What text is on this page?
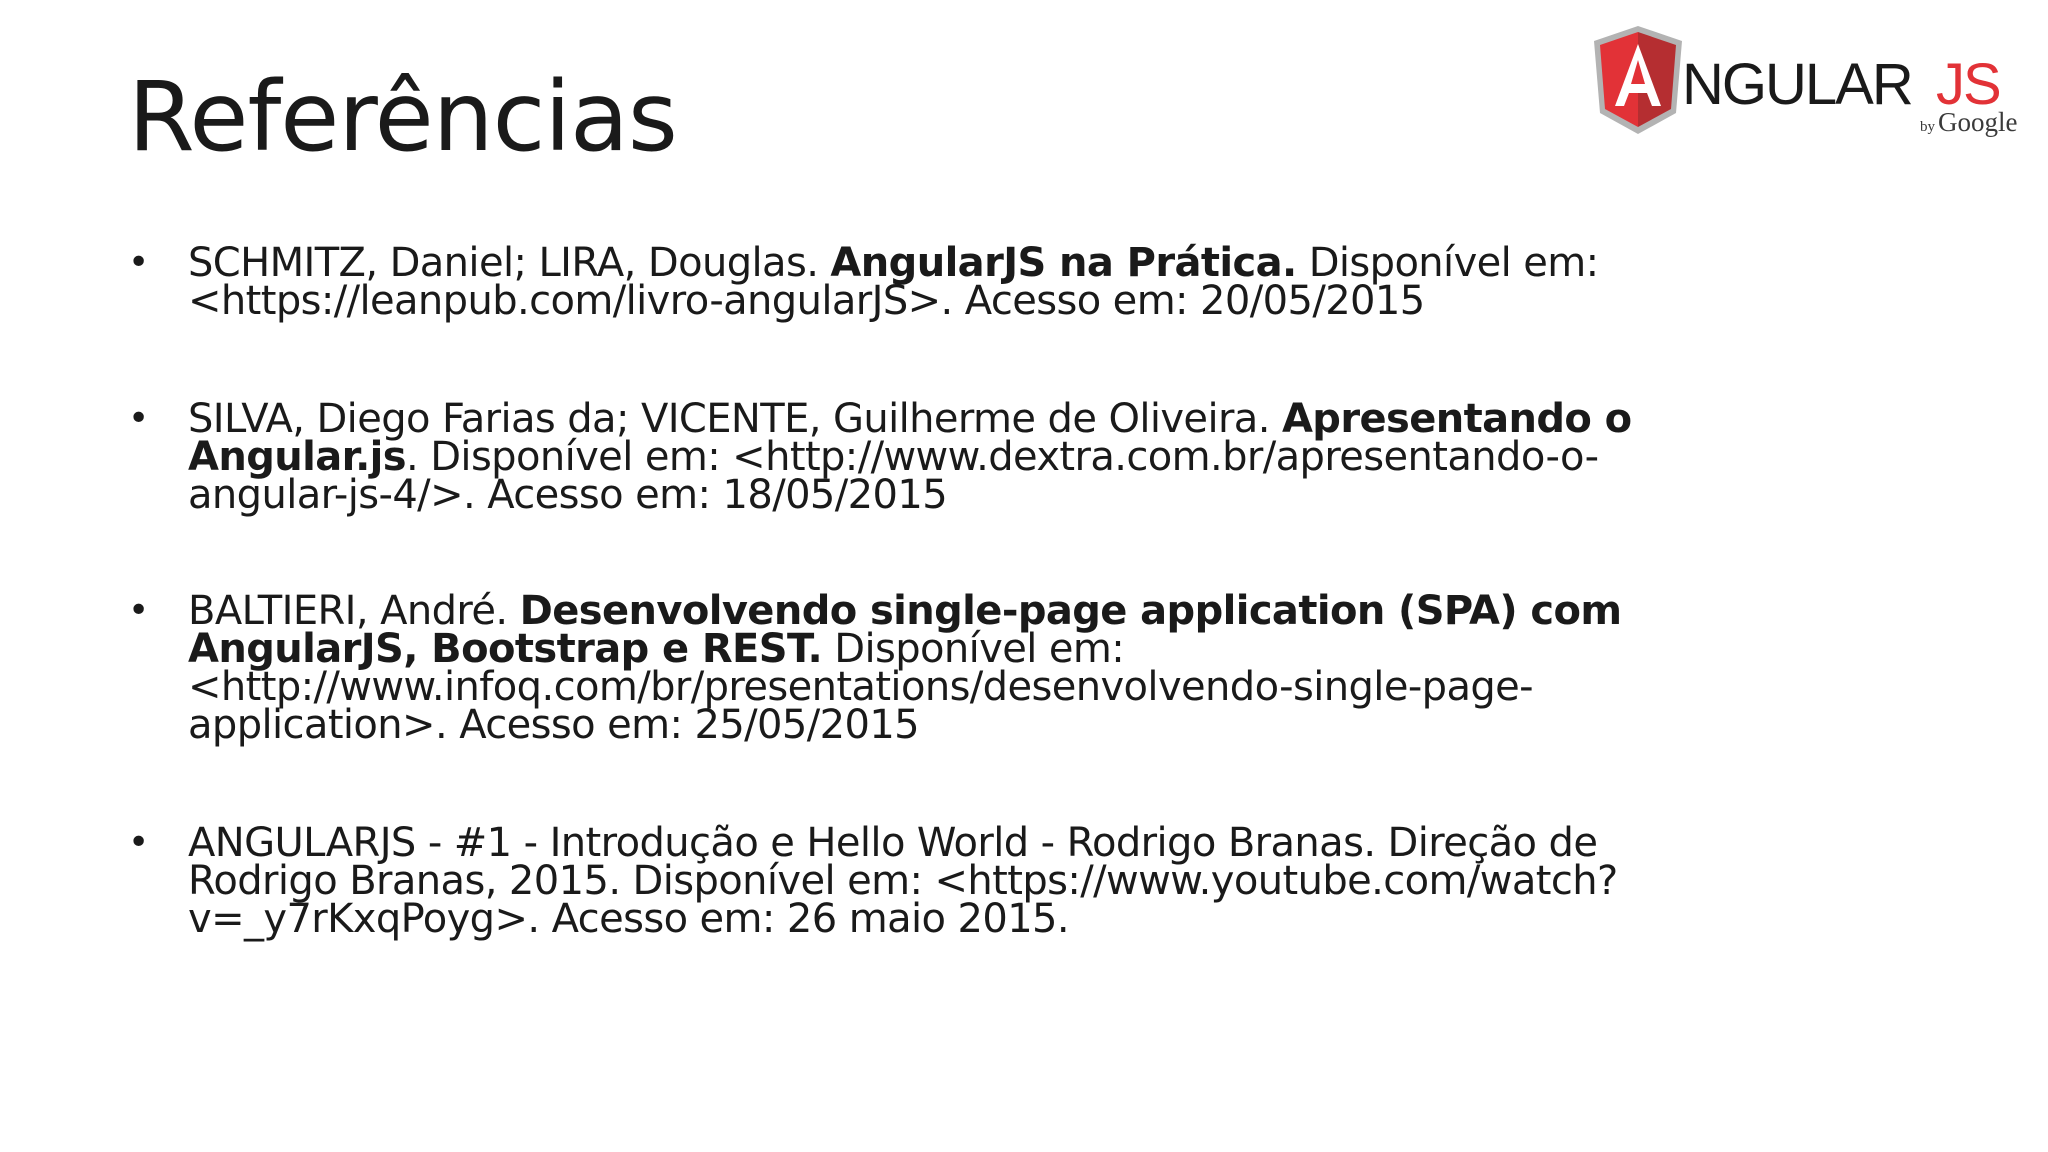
Referências	NGULAR JS
by Google
• SCHMITZ, Daniel; LIRA, Douglas. AngularJS na Prática. Disponível em: <https://leanpub.com/livro-angularJS>. Acesso em: 20/05/2015
• SILVA, Diego Farias da; VICENTE, Guilherme de Oliveira. Apresentando o Angular.js. Disponível em: <http://www.dextra.com.br/apresentando-o-angular-js-4/>. Acesso em: 18/05/2015
• BALTIERI, André. Desenvolvendo single-page application (SPA) com AngularJS, Bootstrap e REST. Disponível em: <http://www.infoq.com/br/presentations/desenvolvendo-single-page-application>. Acesso em: 25/05/2015
• ANGULARJS - #1 - Introdução e Hello World - Rodrigo Branas. Direção de Rodrigo Branas, 2015. Disponível em: <https://www.youtube.com/watch?v=_y7rKxqPoyg>. Acesso em: 26 maio 2015.
